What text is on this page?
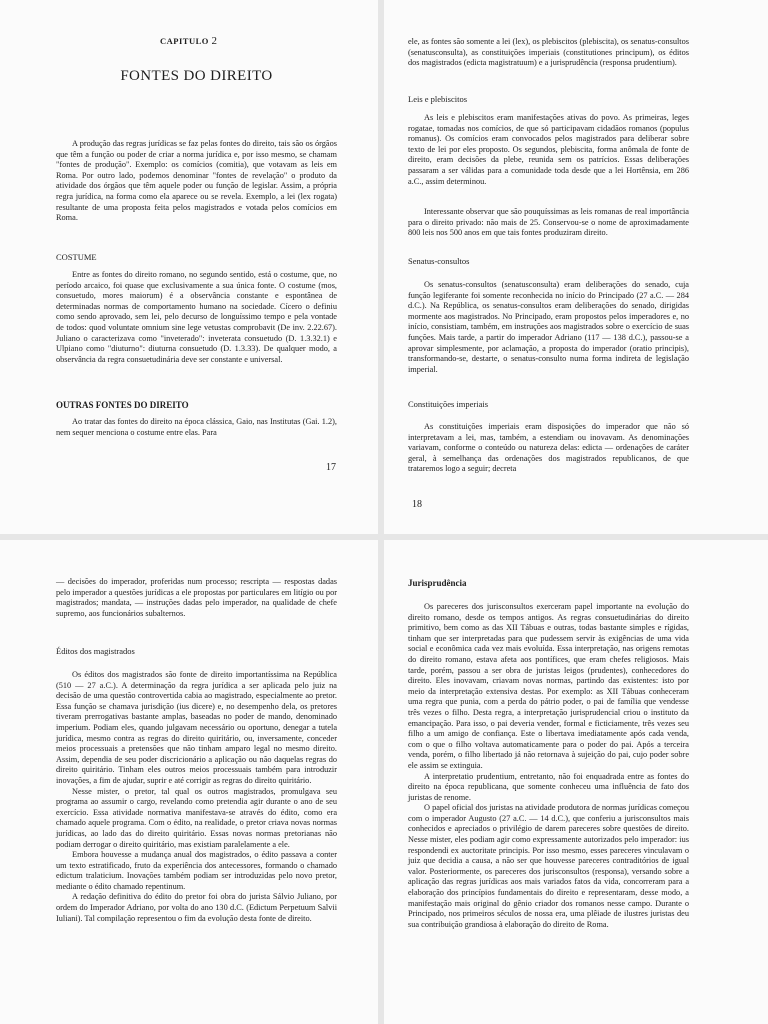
CAPITULO 2

FONTES DO DIREITO

A produção das regras jurídicas se faz pelas fontes do direito, tais são os órgãos que têm a função ou poder de criar a norma jurídica e, por isso mesmo, se chamam "fontes de produção". Exemplo: os comícios (comitia), que votavam as leis em Roma. Por outro lado, podemos denominar "fontes de revelação" o produto da atividade dos órgãos que têm aquele poder ou função de legislar. Assim, a própria regra jurídica, na forma como ela aparece ou se revela. Exemplo, a lei (lex rogata) resultante de uma proposta feita pelos magistrados e votada pelos comícios em Roma.

COSTUME

Entre as fontes do direito romano, no segundo sentido, está o costume, que, no período arcaico, foi quase que exclusivamente a sua única fonte. O costume (mos, consuetudo, mores maiorum) é a observância constante e espontânea de determinadas normas de comportamento humano na sociedade. Cícero o definiu como sendo aprovado, sem lei, pelo decurso de longuíssimo tempo e pela vontade de todos: quod voluntate omnium sine lege vetustas comprobavit (De inv. 2.22.67). Juliano o caracterizava como "inveterado": inveterata consuetudo (D. 1.3.32.1) e Ulpiano como "diuturno": diuturna consuetudo (D. 1.3.33). De qualquer modo, a observância da regra consuetudinária deve ser constante e universal.

OUTRAS FONTES DO DIREITO

Ao tratar das fontes do direito na época clássica, Gaio, nas Institutas (Gai. 1.2), nem sequer menciona o costume entre elas. Para

17

ele, as fontes são somente a lei (lex), os plebiscitos (plebiscita), os senatus-consultos (senatusconsulta), as constituições imperiais (constitutiones principum), os éditos dos magistrados (edicta magistratuum) e a jurisprudência (responsa prudentium).

Leis e plebiscitos

As leis e plebiscitos eram manifestações ativas do povo. As primeiras, leges rogatae, tomadas nos comícios, de que só participavam cidadãos romanos (populus romanus). Os comícios eram convocados pelos magistrados para deliberar sobre texto de lei por eles proposto. Os segundos, plebiscita, forma anômala de fonte de direito, eram decisões da plebe, reunida sem os patrícios. Essas deliberações passaram a ser válidas para a comunidade toda desde que a lei Hortênsia, em 286 a.C., assim determinou.

Interessante observar que são pouquíssimas as leis romanas de real importância para o direito privado: não mais de 25. Conservou-se o nome de aproximadamente 800 leis nos 500 anos em que tais fontes produziram direito.

Senatus-consultos

Os senatus-consultos (senatusconsulta) eram deliberações do senado, cuja função legiferante foi somente reconhecida no início do Principado (27 a.C. — 284 d.C.). Na República, os senatus-consultos eram deliberações do senado, dirigidas mormente aos magistrados. No Principado, eram propostos pelos imperadores e, no início, consistiam, também, em instruções aos magistrados sobre o exercício de suas funções. Mais tarde, a partir do imperador Adriano (117 — 138 d.C.), passou-se a aprovar simplesmente, por aclamação, a proposta do imperador (oratio principis), transformando-se, destarte, o senatus-consulto numa forma indireta de legislação imperial.

Constituições imperiais

As constituições imperiais eram disposições do imperador que não só interpretavam a lei, mas, também, a estendiam ou inovavam. As denominações variavam, conforme o conteúdo ou natureza delas: edicta — ordenações de caráter geral, à semelhança das ordenações dos magistrados republicanos, de que trataremos logo a seguir; decreta

18

— decisões do imperador, proferidas num processo; rescripta — respostas dadas pelo imperador a questões jurídicas a ele propostas por particulares em litígio ou por magistrados; mandata, — instruções dadas pelo imperador, na qualidade de chefe supremo, aos funcionários subalternos.

Éditos dos magistrados

Os éditos dos magistrados são fonte de direito importantíssima na República (510 — 27 a.C.). A determinação da regra jurídica a ser aplicada pelo juiz na decisão de uma questão controvertida cabia ao magistrado, especialmente ao pretor. Essa função se chamava jurisdição (ius dicere) e, no desempenho dela, os pretores tiveram prerrogativas bastante amplas, baseadas no poder de mando, denominado imperium. Podiam eles, quando julgavam necessário ou oportuno, denegar a tutela jurídica, mesmo contra as regras do direito quiritário, ou, inversamente, conceder meios processuais a pretensões que não tinham amparo legal no mesmo direito. Assim, dependia de seu poder discricionário a aplicação ou não daquelas regras do direito quiritário. Tinham eles outros meios processuais também para introduzir inovações, a fim de ajudar, suprir e até corrigir as regras do direito quiritário.

Nesse mister, o pretor, tal qual os outros magistrados, promulgava seu programa ao assumir o cargo, revelando como pretendia agir durante o ano de seu exercício. Essa atividade normativa manifestava-se através do édito, como era chamado aquele programa. Com o édito, na realidade, o pretor criava novas normas jurídicas, ao lado das do direito quiritário. Essas novas normas pretorianas não podiam derrogar o direito quiritário, mas existiam paralelamente a ele.

Embora houvesse a mudança anual dos magistrados, o édito passava a conter um texto estratificado, fruto da experiência dos antecessores, formando o chamado edictum tralaticium. Inovações também podiam ser introduzidas pelo novo pretor, mediante o édito chamado repentinum.

A redação definitiva do édito do pretor foi obra do jurista Sálvio Juliano, por ordem do Imperador Adriano, por volta do ano 130 d.C. (Edictum Perpetuum Salvii Iuliani). Tal compilação representou o fim da evolução desta fonte de direito.

Jurisprudência

Os pareceres dos jurisconsultos exerceram papel importante na evolução do direito romano, desde os tempos antigos. As regras consuetudinárias do direito primitivo, bem como as das XII Tábuas e outras, todas bastante simples e rígidas, tinham que ser interpretadas para que pudessem servir às exigências de uma vida social e econômica cada vez mais evoluída. Essa interpretação, nas origens remotas do direito romano, estava afeta aos pontífices, que eram chefes religiosos. Mais tarde, porém, passou a ser obra de juristas leigos (prudentes), conhecedores do direito. Eles inovavam, criavam novas normas, partindo das existentes: isto por meio da interpretação extensiva destas. Por exemplo: as XII Tábuas conheceram uma regra que punia, com a perda do pátrio poder, o pai de família que vendesse três vezes o filho. Desta regra, a interpretação jurisprudencial criou o instituto da emancipação. Para isso, o pai deveria vender, formal e ficticiamente, três vezes seu filho a um amigo de confiança. Este o libertava imediatamente após cada venda, com o que o filho voltava automaticamente para o poder do pai. Após a terceira venda, porém, o filho libertado já não retornava à sujeição do pai, cujo poder sobre ele assim se extinguia.

A interpretatio prudentium, entretanto, não foi enquadrada entre as fontes do direito na época republicana, que somente conheceu uma influência de fato dos juristas de renome.

O papel oficial dos juristas na atividade produtora de normas jurídicas começou com o imperador Augusto (27 a.C. — 14 d.C.), que conferiu a jurisconsultos mais conhecidos e apreciados o privilégio de darem pareceres sobre questões de direito. Nesse mister, eles podiam agir como expressamente autorizados pelo imperador: ius respondendi ex auctoritate principis. Por isso mesmo, esses pareceres vinculavam o juiz que decidia a causa, a não ser que houvesse pareceres contraditórios de igual valor. Posteriormente, os pareceres dos jurisconsultos (responsa), versando sobre a aplicação das regras jurídicas aos mais variados fatos da vida, concorreram para a elaboração dos princípios fundamentais do direito e representaram, desse modo, a manifestação mais original do gênio criador dos romanos nesse campo. Durante o Principado, nos primeiros séculos de nossa era, uma plêiade de ilustres juristas deu sua contribuição grandiosa à elaboração do direito de Roma.
